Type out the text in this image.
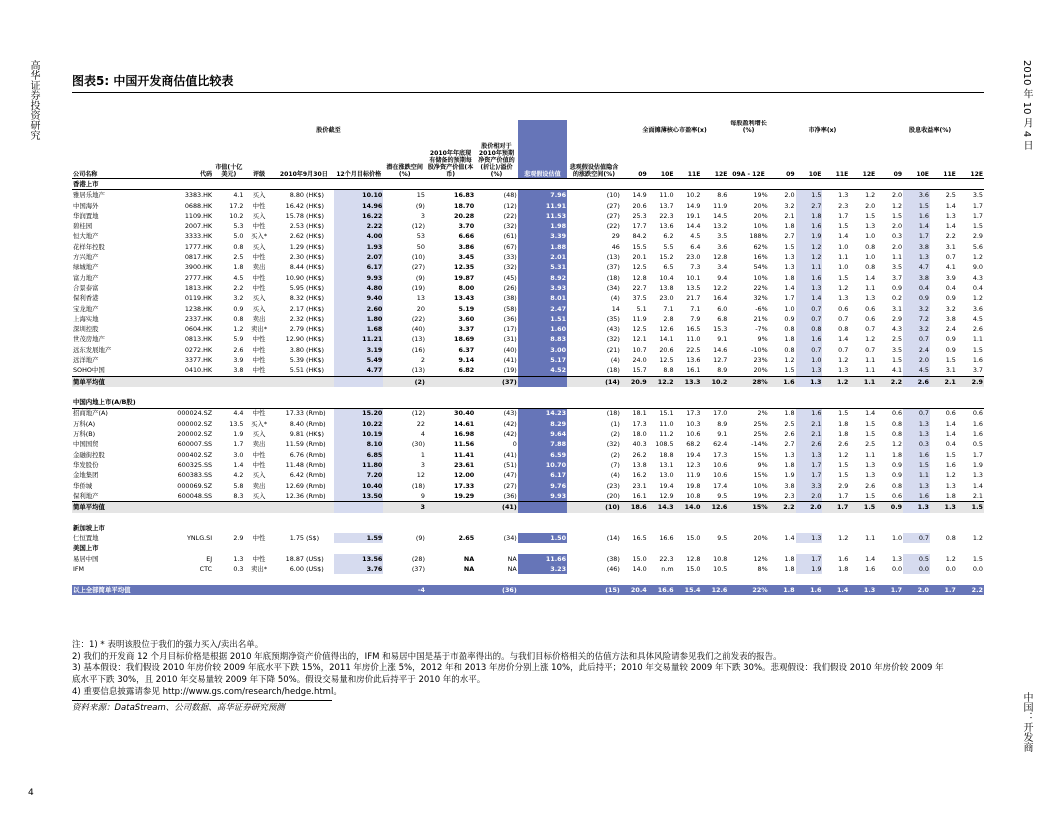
高华证券投资研究	2010 年 10 月 4 日
中国：开发商
4
图表5: 中国开发商估值比较表
				股价截至				2010年年底现有储备的预期每股净资产价值(本币)	股价相对于2010年预期净资产价值的(折让)/溢价(%)	悲观假设估值	悲观假设估值隐含的涨跌空间(%)	全面摊薄核心市盈率(x)				每股盈利增长(%)	市净率(x)				股息收益率(%)			
公司名称	代码	市值(十亿美元)	评级	2010年9月30日		12个月目标价格	潜在涨跌空间(%)					09	10E	11E	12E	09A - 12E	09	10E	11E	12E	09	10E	11E	12E
香港上市																								
雅居乐地产	3383.HK	4.1	买入	8.80	(HK$)	10.10	15	16.83	(48)	7.96	(10)	14.9	11.0	10.2	8.6	19%	2.0	1.5	1.3	1.2	2.0	3.6	2.5	3.5
中国海外	0688.HK	17.2	中性	16.42	(HK$)	14.96	(9)	18.70	(12)	11.91	(27)	20.6	13.7	14.9	11.9	20%	3.2	2.7	2.3	2.0	1.2	1.5	1.4	1.7
华润置地	1109.HK	10.2	买入	15.78	(HK$)	16.22	3	20.28	(22)	11.53	(27)	25.3	22.3	19.1	14.5	20%	2.1	1.8	1.7	1.5	1.5	1.6	1.3	1.7
碧桂园	2007.HK	5.3	中性	2.53	(HK$)	2.22	(12)	3.70	(32)	1.98	(22)	17.7	13.6	14.4	13.2	10%	1.8	1.6	1.5	1.3	2.0	1.4	1.4	1.5
恒大地产	3333.HK	5.0	买入*	2.62	(HK$)	4.00	53	6.66	(61)	3.39	29	84.2	6.2	4.5	3.5	188%	2.7	1.9	1.4	1.0	0.3	1.7	2.2	2.9
花样年控股	1777.HK	0.8	买入	1.29	(HK$)	1.93	50	3.86	(67)	1.88	46	15.5	5.5	6.4	3.6	62%	1.5	1.2	1.0	0.8	2.0	3.8	3.1	5.6
方兴地产	0817.HK	2.5	中性	2.30	(HK$)	2.07	(10)	3.45	(33)	2.01	(13)	20.1	15.2	23.0	12.8	16%	1.3	1.2	1.1	1.0	1.1	1.3	0.7	1.2
绿城地产	3900.HK	1.8	卖出	8.44	(HK$)	6.17	(27)	12.35	(32)	5.31	(37)	12.5	6.5	7.3	3.4	54%	1.3	1.1	1.0	0.8	3.5	4.7	4.1	9.0
富力地产	2777.HK	4.5	中性	10.90	(HK$)	9.93	(9)	19.87	(45)	8.92	(18)	12.8	10.4	10.1	9.4	10%	1.8	1.6	1.5	1.4	3.7	3.8	3.9	4.3
合景泰富	1813.HK	2.2	中性	5.95	(HK$)	4.80	(19)	8.00	(26)	3.93	(34)	22.7	13.8	13.5	12.2	22%	1.4	1.3	1.2	1.1	0.9	0.4	0.4	0.4
保利香港	0119.HK	3.2	买入	8.32	(HK$)	9.40	13	13.43	(38)	8.01	(4)	37.5	23.0	21.7	16.4	32%	1.7	1.4	1.3	1.3	0.2	0.9	0.9	1.2
宝龙地产	1238.HK	0.9	买入	2.17	(HK$)	2.60	20	5.19	(58)	2.47	14	5.1	7.1	7.1	6.0	-6%	1.0	0.7	0.6	0.6	3.1	3.2	3.2	3.6
上海实地	2337.HK	0.8	卖出	2.32	(HK$)	1.80	(22)	3.60	(36)	1.51	(35)	11.9	2.8	7.9	6.8	21%	0.9	0.7	0.7	0.6	2.9	7.2	3.8	4.5
深圳控股	0604.HK	1.2	卖出*	2.79	(HK$)	1.68	(40)	3.37	(17)	1.60	(43)	12.5	12.6	16.5	15.3	-7%	0.8	0.8	0.8	0.7	4.3	3.2	2.4	2.6
世茂房地产	0813.HK	5.9	中性	12.90	(HK$)	11.21	(13)	18.69	(31)	8.83	(32)	12.1	14.1	11.0	9.1	9%	1.8	1.6	1.4	1.2	2.5	0.7	0.9	1.1
远东发展地产	0272.HK	2.6	中性	3.80	(HK$)	3.19	(16)	6.37	(40)	3.00	(21)	10.7	20.6	22.5	14.6	-10%	0.8	0.7	0.7	0.7	3.5	2.4	0.9	1.5
远洋地产	3377.HK	3.9	中性	5.39	(HK$)	5.49	2	9.14	(41)	5.17	(4)	24.0	12.5	13.6	12.7	23%	1.2	1.0	1.2	1.1	1.5	2.0	1.5	1.6
SOHO中国	0410.HK	3.8	中性	5.51	(HK$)	4.77	(13)	6.82	(19)	4.52	(18)	15.7	8.8	16.1	8.9	20%	1.5	1.3	1.3	1.1	4.1	4.5	3.1	3.7
简单平均值							(2)		(37)		(14)	20.9	12.2	13.3	10.2	28%	1.6	1.3	1.2	1.1	2.2	2.6	2.1	2.9

中国内地上市(A/B股)																								
招商地产(A)	000024.SZ	4.4	中性	17.33	(Rmb)	15.20	(12)	30.40	(43)	14.23	(18)	18.1	15.1	17.3	17.0	2%	1.8	1.6	1.5	1.4	0.6	0.7	0.6	0.6
万科(A)	000002.SZ	13.5	买入*	8.40	(Rmb)	10.22	22	14.61	(42)	8.29	(1)	17.3	11.0	10.3	8.9	25%	2.5	2.1	1.8	1.5	0.8	1.3	1.4	1.6
万科(B)	200002.SZ	1.9	买入	9.81	(HK$)	10.19	4	16.98	(42)	9.64	(2)	18.0	11.2	10.6	9.1	25%	2.6	2.1	1.8	1.5	0.8	1.3	1.4	1.6
中国国贸	600007.SS	1.7	卖出	11.59	(Rmb)	8.10	(30)	11.56	0	7.88	(32)	40.3	108.5	68.2	62.4	-14%	2.7	2.6	2.6	2.5	1.2	0.3	0.4	0.5
金融街控股	000402.SZ	3.0	中性	6.76	(Rmb)	6.85	1	11.41	(41)	6.59	(2)	26.2	18.8	19.4	17.3	15%	1.3	1.3	1.2	1.1	1.8	1.6	1.5	1.7
华发股份	600325.SS	1.4	中性	11.48	(Rmb)	11.80	3	23.61	(51)	10.70	(7)	13.8	13.1	12.3	10.6	9%	1.8	1.7	1.5	1.3	0.9	1.5	1.6	1.9
金地集团	600383.SS	4.2	买入	6.42	(Rmb)	7.20	12	12.00	(47)	6.17	(4)	16.2	13.0	11.9	10.6	15%	1.9	1.7	1.5	1.3	0.9	1.1	1.2	1.3
华侨城	000069.SZ	5.8	卖出	12.69	(Rmb)	10.40	(18)	17.33	(27)	9.76	(23)	23.1	19.4	19.8	17.4	10%	3.8	3.3	2.9	2.6	0.8	1.3	1.3	1.4
保利地产	600048.SS	8.3	买入	12.36	(Rmb)	13.50	9	19.29	(36)	9.93	(20)	16.1	12.9	10.8	9.5	19%	2.3	2.0	1.7	1.5	0.6	1.6	1.8	2.1
简单平均值							3		(41)		(10)	18.6	14.3	14.0	12.6	15%	2.2	2.0	1.7	1.5	0.9	1.3	1.3	1.5

新加坡上市																								
仁恒置地	YNLG.SI	2.9	中性	1.75	(S$)	1.59	(9)	2.65	(34)	1.50	(14)	16.5	16.6	15.0	9.5	20%	1.4	1.3	1.2	1.1	1.0	0.7	0.8	1.2
美国上市																								
易居中国	EJ	1.3	中性	18.87	(US$)	13.56	(28)	NA	NA	11.66	(38)	15.0	22.3	12.8	10.8	12%	1.8	1.7	1.6	1.4	1.3	0.5	1.2	1.5
IFM	CTC	0.3	卖出*	6.00	(US$)	3.76	(37)	NA	NA	3.23	(46)	14.0	n.m	15.0	10.5	8%	1.8	1.9	1.8	1.6	0.0	0.0	0.0	0.0

以上全部简单平均值							-4		(36)		(15)	20.4	16.6	15.4	12.6	22%	1.8	1.6	1.4	1.3	1.7	2.0	1.7	2.2
注：1) * 表明该股位于我们的强力买入/卖出名单。
2) 我们的开发商 12 个月目标价格是根据 2010 年底预期净资产价值得出的，IFM 和易居中国是基于市盈率得出的。与我们目标价格相关的估值方法和具体风险请参见我们之前发表的报告。
3) 基本假设：我们假设 2010 年房价较 2009 年底水平下跌 15%，2011 年房价上涨 5%，2012 年和 2013 年房价分别上涨 10%，此后持平；2010 年交易量较 2009 年下跌 30%。悲观假设：我们假设 2010 年房价较 2009 年
底水平下跌 30%，且 2010 年交易量较 2009 年下降 50%。假设交易量和房价此后持平于 2010 年的水平。
4) 重要信息披露请参见 http://www.gs.com/research/hedge.html。
资料来源：DataStream、公司数据、高华证券研究预测
